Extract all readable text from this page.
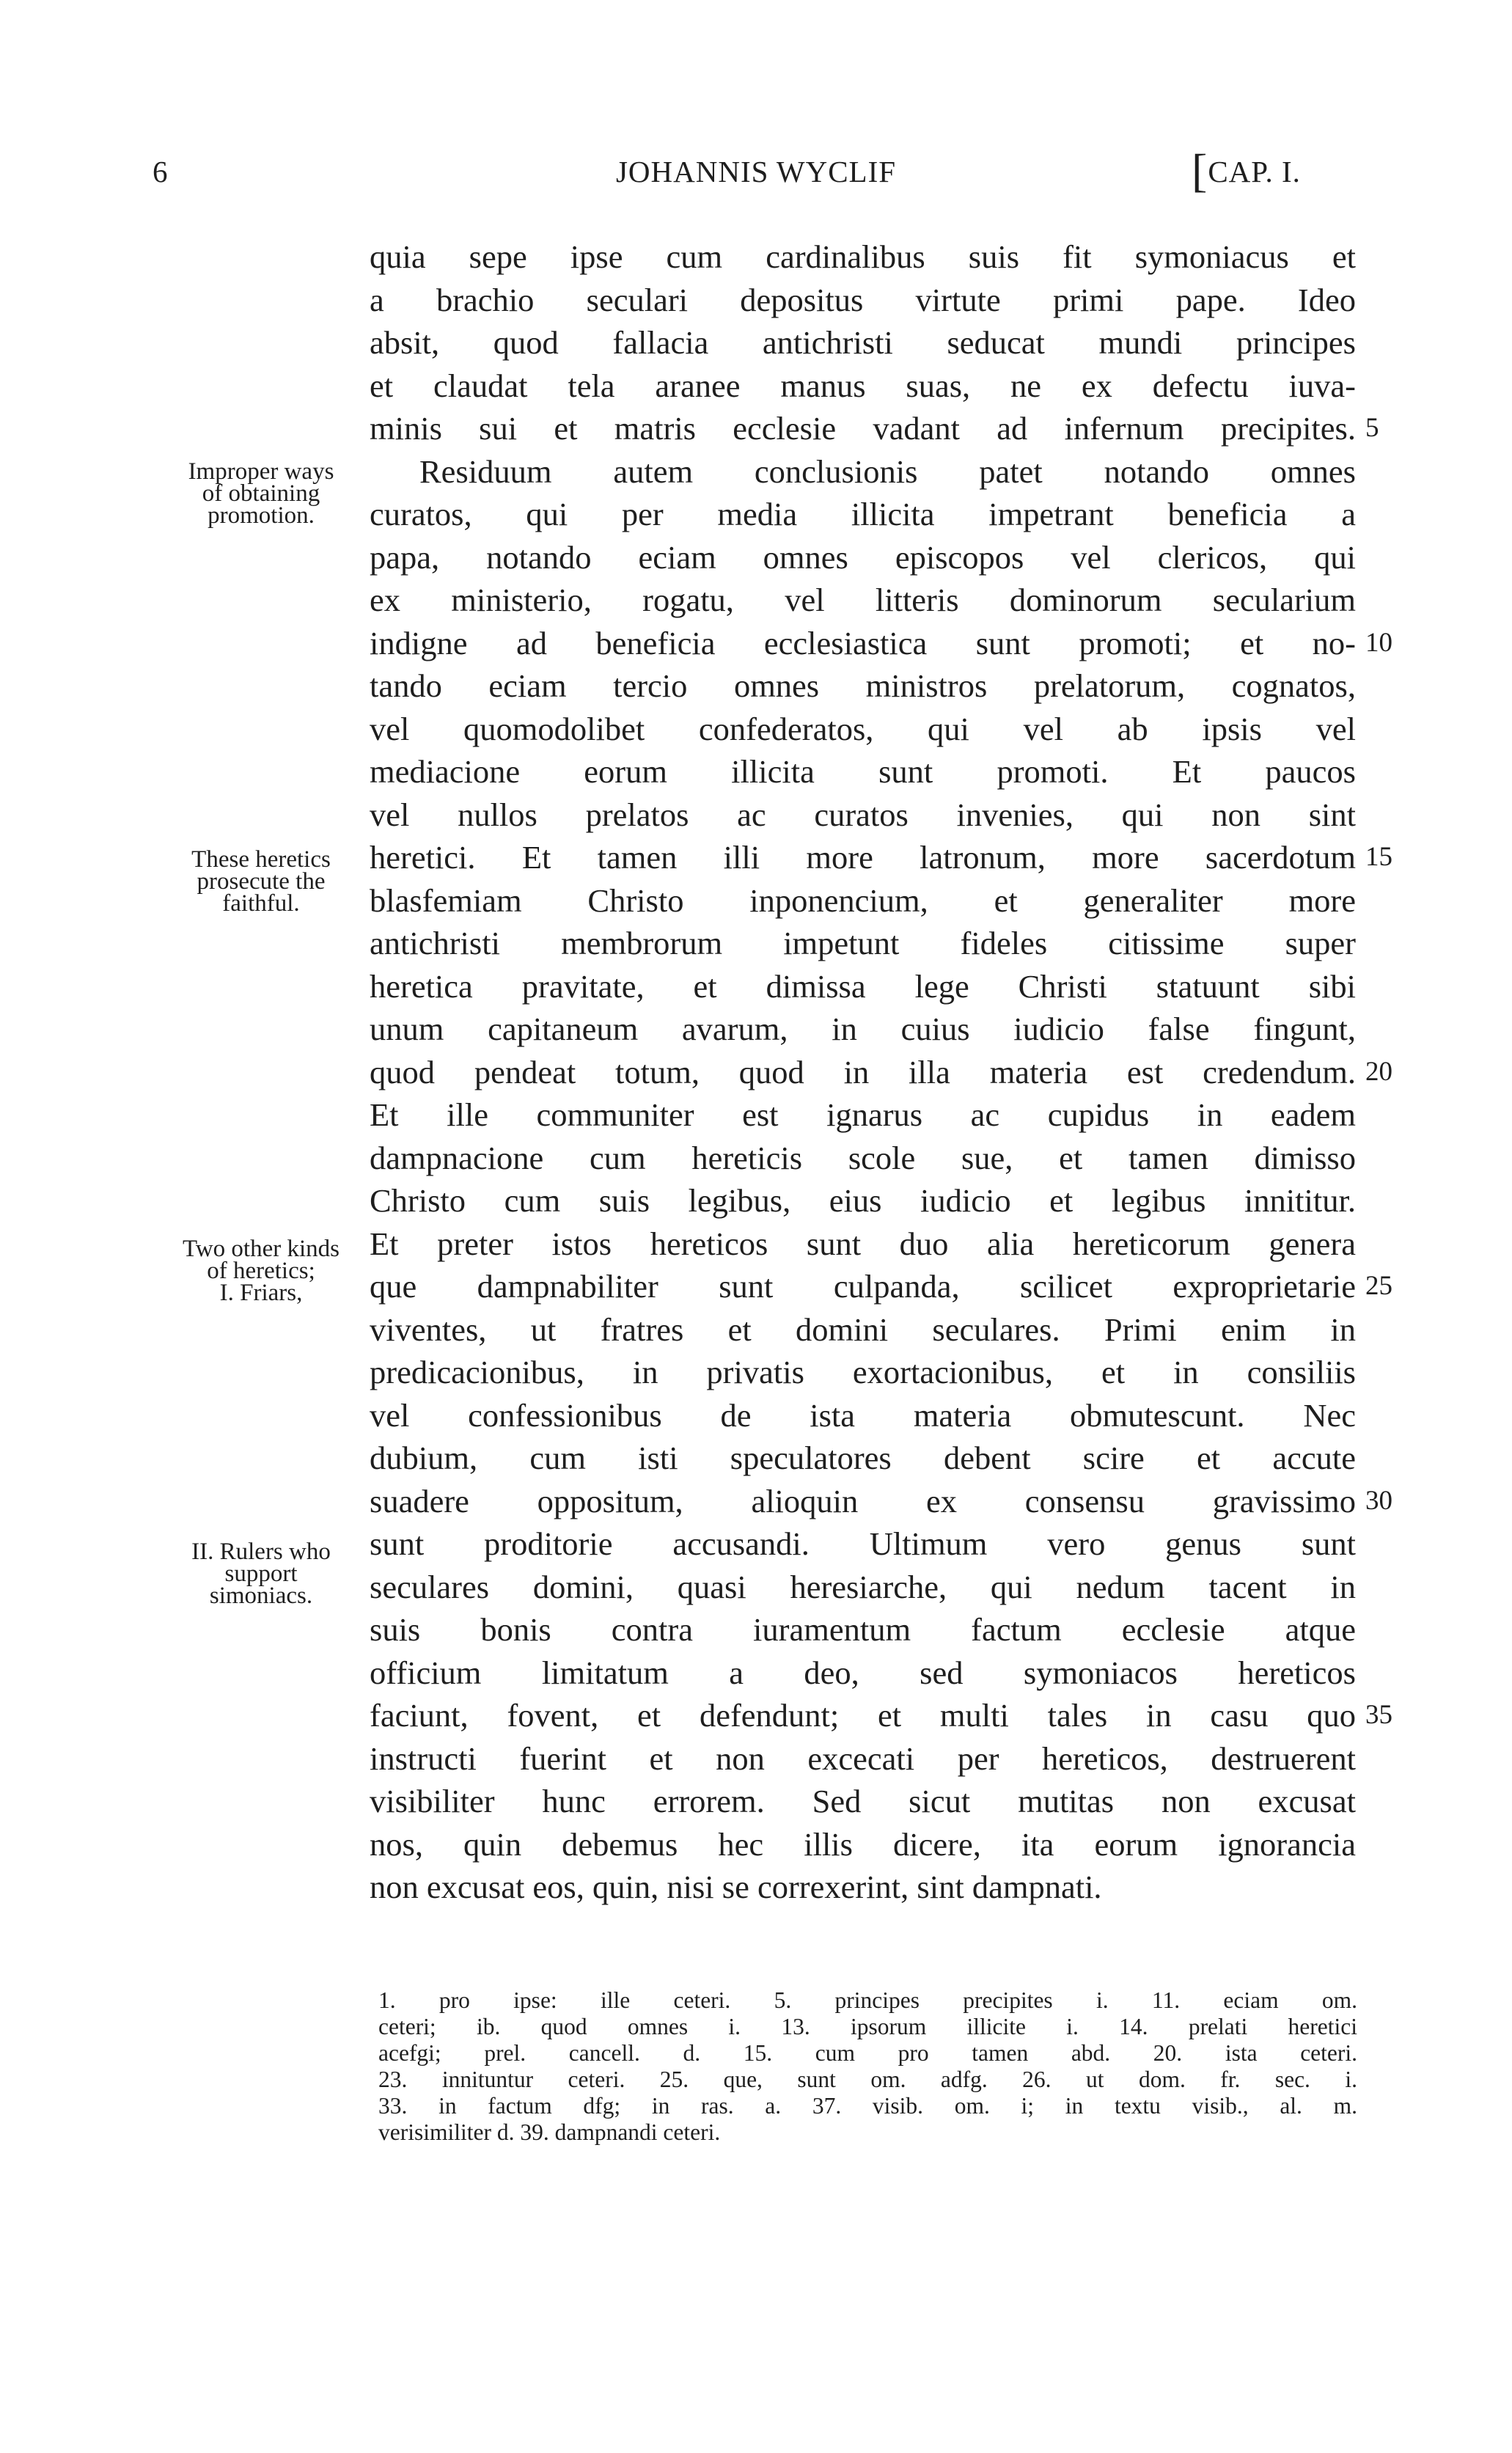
6	JOHANNIS WYCLIF	[CAP. I.
quia sepe ipse cum cardinalibus suis fit symoniacus et
a brachio seculari depositus virtute primi pape. Ideo
absit, quod fallacia antichristi seducat mundi principes
et claudat tela aranee manus suas, ne ex defectu iuva-
minis sui et matris ecclesie vadant ad infernum precipites.
Residuum autem conclusionis patet notando omnes
curatos, qui per media illicita impetrant beneficia a
papa, notando eciam omnes episcopos vel clericos, qui
ex ministerio, rogatu, vel litteris dominorum secularium
indigne ad beneficia ecclesiastica sunt promoti; et no-
tando eciam tercio omnes ministros prelatorum, cognatos,
vel quomodolibet confederatos, qui vel ab ipsis vel
mediacione eorum illicita sunt promoti. Et paucos
vel nullos prelatos ac curatos invenies, qui non sint
heretici. Et tamen illi more latronum, more sacerdotum
blasfemiam Christo inponencium, et generaliter more
antichristi membrorum impetunt fideles citissime super
heretica pravitate, et dimissa lege Christi statuunt sibi
unum capitaneum avarum, in cuius iudicio false fingunt,
quod pendeat totum, quod in illa materia est credendum.
Et ille communiter est ignarus ac cupidus in eadem
dampnacione cum hereticis scole sue, et tamen dimisso
Christo cum suis legibus, eius iudicio et legibus innititur.
Et preter istos hereticos sunt duo alia hereticorum genera
que dampnabiliter sunt culpanda, scilicet exproprietarie
viventes, ut fratres et domini seculares. Primi enim in
predicacionibus, in privatis exortacionibus, et in consiliis
vel confessionibus de ista materia obmutescunt. Nec
dubium, cum isti speculatores debent scire et accute
suadere oppositum, alioquin ex consensu gravissimo
sunt proditorie accusandi. Ultimum vero genus sunt
seculares domini, quasi heresiarche, qui nedum tacent in
suis bonis contra iuramentum factum ecclesie atque
officium limitatum a deo, sed symoniacos hereticos
faciunt, fovent, et defendunt; et multi tales in casu quo
instructi fuerint et non excecati per hereticos, destruerent
visibiliter hunc errorem. Sed sicut mutitas non excusat
nos, quin debemus hec illis dicere, ita eorum ignorancia
non excusat eos, quin, nisi se correxerint, sint dampnati.
5
10
15
20
25
30
35
Improper ways
of obtaining
promotion.
These heretics
prosecute the
faithful.
Two other kinds
of heretics;
I. Friars,
II. Rulers who
support
simoniacs.
1. pro ipse: ille ceteri. 5. principes precipites i. 11. eciam om.
ceteri; ib. quod omnes i. 13. ipsorum illicite i. 14. prelati heretici
acefgi; prel. cancell. d. 15. cum pro tamen abd. 20. ista ceteri.
23. innituntur ceteri. 25. que, sunt om. adfg. 26. ut dom. fr. sec. i.
33. in factum dfg; in ras. a. 37. visib. om. i; in textu visib., al. m.
verisimiliter d. 39. dampnandi ceteri.
